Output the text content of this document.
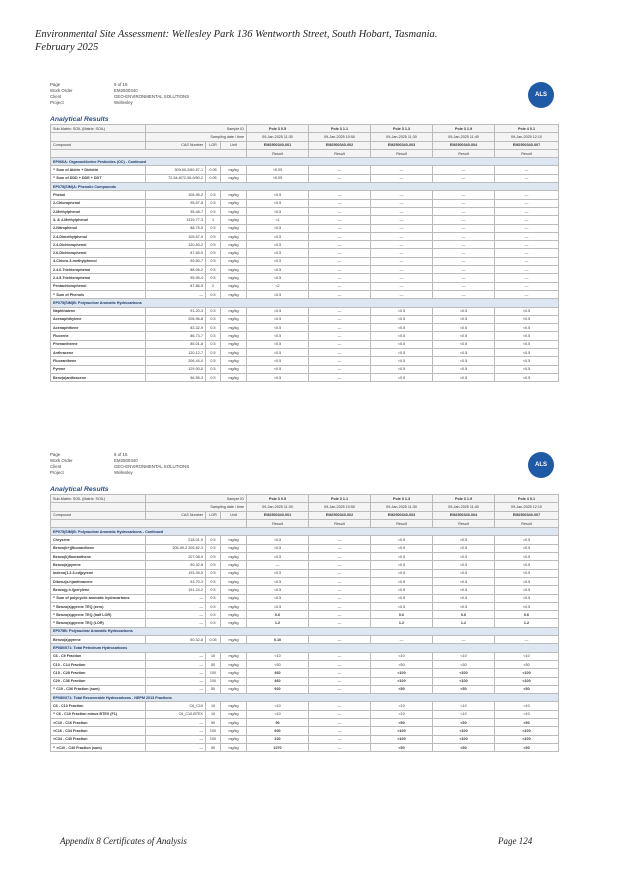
Environmental Site Assessment: Wellesley Park 136 Wentworth Street, South Hobart, Tasmania.
February 2025
Page	5 of 16
Work Order	EM2500340
Client	GEO-ENVIRONMENTAL SOLUTIONS
Project	Wellesley
ALS
Analytical Results
Sub-Matrix: SOIL (Matrix: SOIL)	Sample ID			Pole 3 0.5	Pole 3 1.1	Pole 3 1.3	Pole 3 1.9	Pole 4 0.1
	Sampling date / time			09-Jan-2025 11:30	09-Jan-2025 10:50	09-Jan-2025 11:30	09-Jan-2025 11:40	09-Jan-2025 12:10
Compound	CAS Number	LOR	Unit	EM2500340-001	EM2500340-002	EM2500340-003	EM2500340-004	EM2500340-007
				Result	Result	Result	Result	Result
EP066A: Organochlorine Pesticides (OC) - Continued								
^ Sum of Aldrin + Dieldrin	309-00-2/60-57-1	0.05	mg/kg	<0.05	—	—	—	—
^ Sum of DDD + DDE + DDT	72-54-8/72-55-9/50-2	0.05	mg/kg	<0.05	—	—	—	—
EP075(SIM)A: Phenolic Compounds								
Phenol	108-95-2	0.5	mg/kg	<0.5	—	—	—	—
2-Chlorophenol	95-57-8	0.5	mg/kg	<0.5	—	—	—	—
2-Methylphenol	95-48-7	0.5	mg/kg	<0.5	—	—	—	—
3- & 4-Methylphenol	1319-77-3	1	mg/kg	<1	—	—	—	—
2-Nitrophenol	88-75-5	0.5	mg/kg	<0.5	—	—	—	—
2.4-Dimethylphenol	105-67-9	0.5	mg/kg	<0.5	—	—	—	—
2.4-Dichlorophenol	120-83-2	0.5	mg/kg	<0.5	—	—	—	—
2.6-Dichlorophenol	87-65-0	0.5	mg/kg	<0.5	—	—	—	—
4-Chloro-3-methylphenol	59-50-7	0.5	mg/kg	<0.5	—	—	—	—
2.4.6-Trichlorophenol	88-06-2	0.5	mg/kg	<0.5	—	—	—	—
2.4.5-Trichlorophenol	95-95-4	0.5	mg/kg	<0.5	—	—	—	—
Pentachlorophenol	87-86-5	2	mg/kg	<2	—	—	—	—
^ Sum of Phenols	—	0.5	mg/kg	<0.5	—	—	—	—
EP075(SIM)B: Polynuclear Aromatic Hydrocarbons								
Naphthalene	91-20-3	0.5	mg/kg	<0.5	—	<0.5	<0.5	<0.5
Acenaphthylene	208-96-8	0.5	mg/kg	<0.5	—	<0.5	<0.5	<0.5
Acenaphthene	83-32-9	0.5	mg/kg	<0.5	—	<0.5	<0.5	<0.5
Fluorene	86-73-7	0.5	mg/kg	<0.5	—	<0.5	<0.5	<0.5
Phenanthrene	85-01-8	0.5	mg/kg	<0.5	—	<0.5	<0.5	<0.5
Anthracene	120-12-7	0.5	mg/kg	<0.5	—	<0.5	<0.5	<0.5
Fluoranthene	206-44-0	0.5	mg/kg	<0.5	—	<0.5	<0.5	<0.5
Pyrene	129-00-0	0.5	mg/kg	<0.5	—	<0.5	<0.5	<0.5
Benz(a)anthracene	56-55-3	0.5	mg/kg	<0.5	—	<0.5	<0.5	<0.5
Page	6 of 16
Work Order	EM2500340
Client	GEO-ENVIRONMENTAL SOLUTIONS
Project	Wellesley
ALS
Analytical Results
Sub-Matrix: SOIL (Matrix: SOIL)	Sample ID			Pole 3 0.5	Pole 3 1.1	Pole 3 1.3	Pole 3 1.9	Pole 4 0.1
	Sampling date / time			09-Jan-2025 11:30	09-Jan-2025 10:50	09-Jan-2025 11:30	09-Jan-2025 11:40	09-Jan-2025 12:10
Compound	CAS Number	LOR	Unit	EM2500340-001	EM2500340-002	EM2500340-003	EM2500340-004	EM2500340-007
				Result	Result	Result	Result	Result
EP075(SIM)B: Polynuclear Aromatic Hydrocarbons - Continued								
Chrysene	218-01-9	0.5	mg/kg	<0.5	—	<0.5	<0.5	<0.5
Benzo(b+j)fluoranthene	205-99-2 205-82-3	0.5	mg/kg	<0.5	—	<0.5	<0.5	<0.5
Benzo(k)fluoranthene	207-08-9	0.5	mg/kg	<0.5	—	<0.5	<0.5	<0.5
Benzo(a)pyrene	50-32-8	0.5	mg/kg	—	—	<0.5	<0.5	<0.5
Indeno(1.2.3.cd)pyrene	193-39-5	0.5	mg/kg	<0.5	—	<0.5	<0.5	<0.5
Dibenz(a.h)anthracene	53-70-3	0.5	mg/kg	<0.5	—	<0.5	<0.5	<0.5
Benzo(g.h.i)perylene	191-24-2	0.5	mg/kg	<0.5	—	<0.5	<0.5	<0.5
^ Sum of polycyclic aromatic hydrocarbons	—	0.5	mg/kg	<0.5	—	<0.5	<0.5	<0.5
^ Benzo(a)pyrene TEQ (zero)	—	0.5	mg/kg	<0.5	—	<0.5	<0.5	<0.5
^ Benzo(a)pyrene TEQ (half LOR)	—	0.5	mg/kg	0.6	—	0.6	0.6	0.6
^ Benzo(a)pyrene TEQ (LOR)	—	0.5	mg/kg	1.2	—	1.2	1.2	1.2
EP075B: Polynuclear Aromatic Hydrocarbons								
Benzo(a)pyrene	50-32-8	0.05	mg/kg	0.10	—	—	—	—
EP080/071: Total Petroleum Hydrocarbons								
C6 - C9 Fraction	—	10	mg/kg	<10	—	<10	<10	<10
C10 - C14 Fraction	—	50	mg/kg	<50	—	<50	<50	<50
C15 - C28 Fraction	—	100	mg/kg	460	—	<100	<100	<100
C29 - C36 Fraction	—	100	mg/kg	460	—	<100	<100	<100
^ C10 - C36 Fraction (sum)	—	50	mg/kg	920	—	<50	<50	<50
EP080/071: Total Recoverable Hydrocarbons - NEPM 2013 Fractions								
C6 - C10 Fraction	C6_C10	10	mg/kg	<10	—	<10	<10	<10
^ C6 - C10 Fraction minus BTEX (F1)	C6_C10-BTEX	10	mg/kg	<10	—	<10	<10	<10
>C10 - C16 Fraction	—	50	mg/kg	50	—	<50	<50	<50
>C16 - C34 Fraction	—	100	mg/kg	600	—	<100	<100	<100
>C34 - C40 Fraction	—	100	mg/kg	220	—	<100	<100	<100
^ >C10 - C40 Fraction (sum)	—	50	mg/kg	1070	—	<50	<50	<50
Appendix 8 Certificates of Analysis	Page 124
